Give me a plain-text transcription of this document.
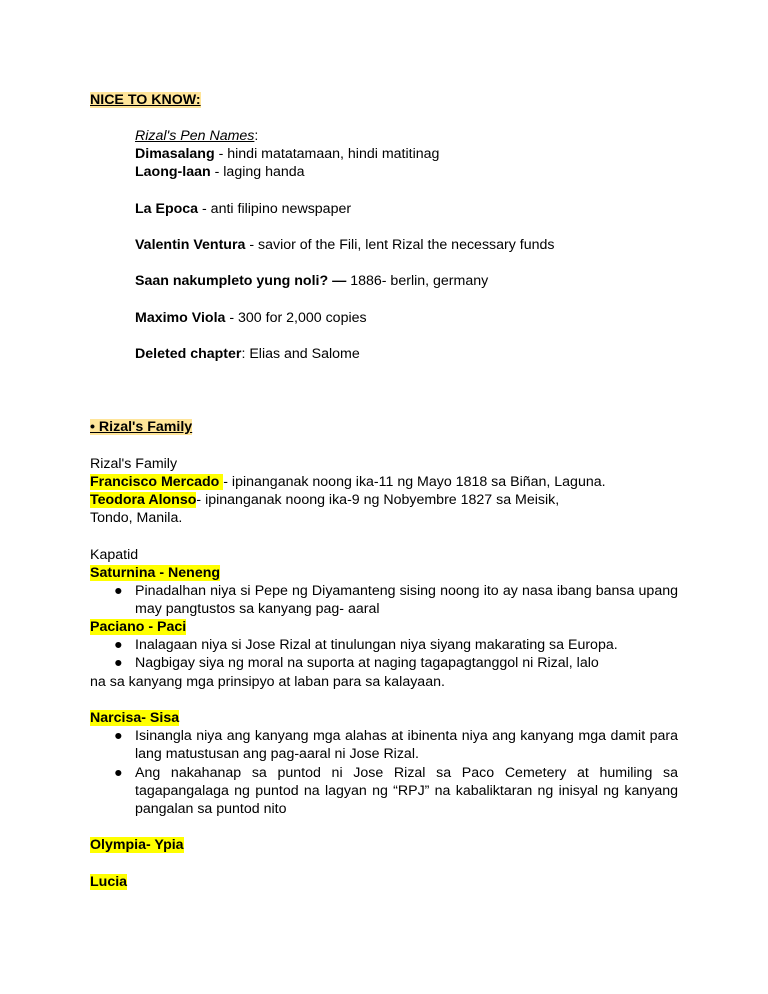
NICE TO KNOW:
Rizal's Pen Names:
Dimasalang - hindi matatamaan, hindi matitinag
Laong-laan - laging handa
La Epoca - anti filipino newspaper
Valentin Ventura - savior of the Fili, lent Rizal the necessary funds
Saan nakumpleto yung noli? — 1886- berlin, germany
Maximo Viola - 300 for 2,000 copies
Deleted chapter: Elias and Salome
• Rizal's Family
Rizal's Family
Francisco Mercado - ipinanganak noong ika-11 ng Mayo 1818 sa Biñan, Laguna.
Teodora Alonso- ipinanganak noong ika-9 ng Nobyembre 1827 sa Meisik,
Tondo, Manila.
Kapatid
Saturnina - Neneng
● Pinadalhan niya si Pepe ng Diyamanteng sising noong ito ay nasa ibang bansa upang
may pangtustos sa kanyang pag- aaral
Paciano - Paci
● Inalagaan niya si Jose Rizal at tinulungan niya siyang makarating sa Europa.
● Nagbigay siya ng moral na suporta at naging tagapagtanggol ni Rizal, lalo
na sa kanyang mga prinsipyo at laban para sa kalayaan.
Narcisa- Sisa
● Isinangla niya ang kanyang mga alahas at ibinenta niya ang kanyang mga damit para
lang matustusan ang pag-aaral ni Jose Rizal.
● Ang nakahanap sa puntod ni Jose Rizal sa Paco Cemetery at humiling sa
tagapangalaga ng puntod na lagyan ng “RPJ” na kabaliktaran ng inisyal ng kanyang
pangalan sa puntod nito
Olympia- Ypia
Lucia
